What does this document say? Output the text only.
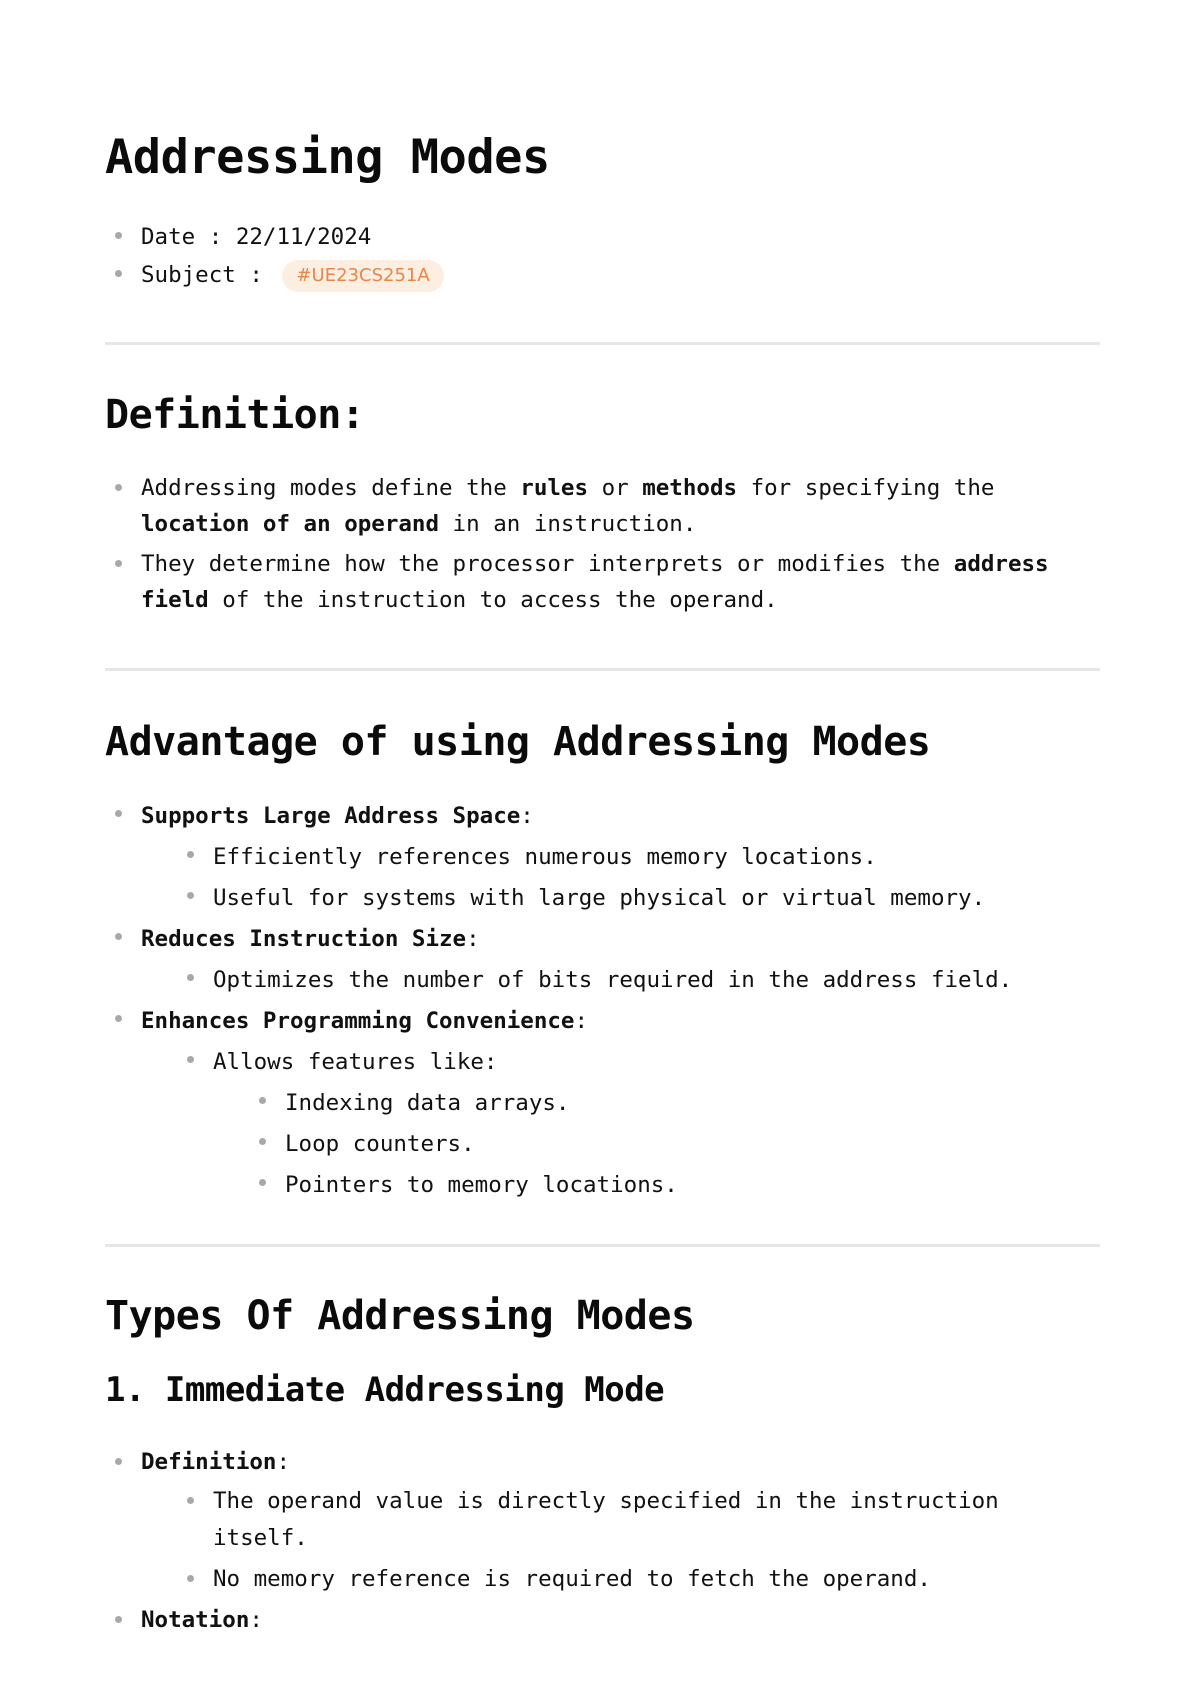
Addressing Modes
Date : 22/11/2024
Subject : #UE23CS251A
Definition:
Addressing modes define the rules or methods for specifying the location of an operand in an instruction.
They determine how the processor interprets or modifies the address field of the instruction to access the operand.
Advantage of using Addressing Modes
Supports Large Address Space:
Efficiently references numerous memory locations.
Useful for systems with large physical or virtual memory.
Reduces Instruction Size:
Optimizes the number of bits required in the address field.
Enhances Programming Convenience:
Allows features like:
Indexing data arrays.
Loop counters.
Pointers to memory locations.
Types Of Addressing Modes
1. Immediate Addressing Mode
Definition:
The operand value is directly specified in the instruction itself.
No memory reference is required to fetch the operand.
Notation:
